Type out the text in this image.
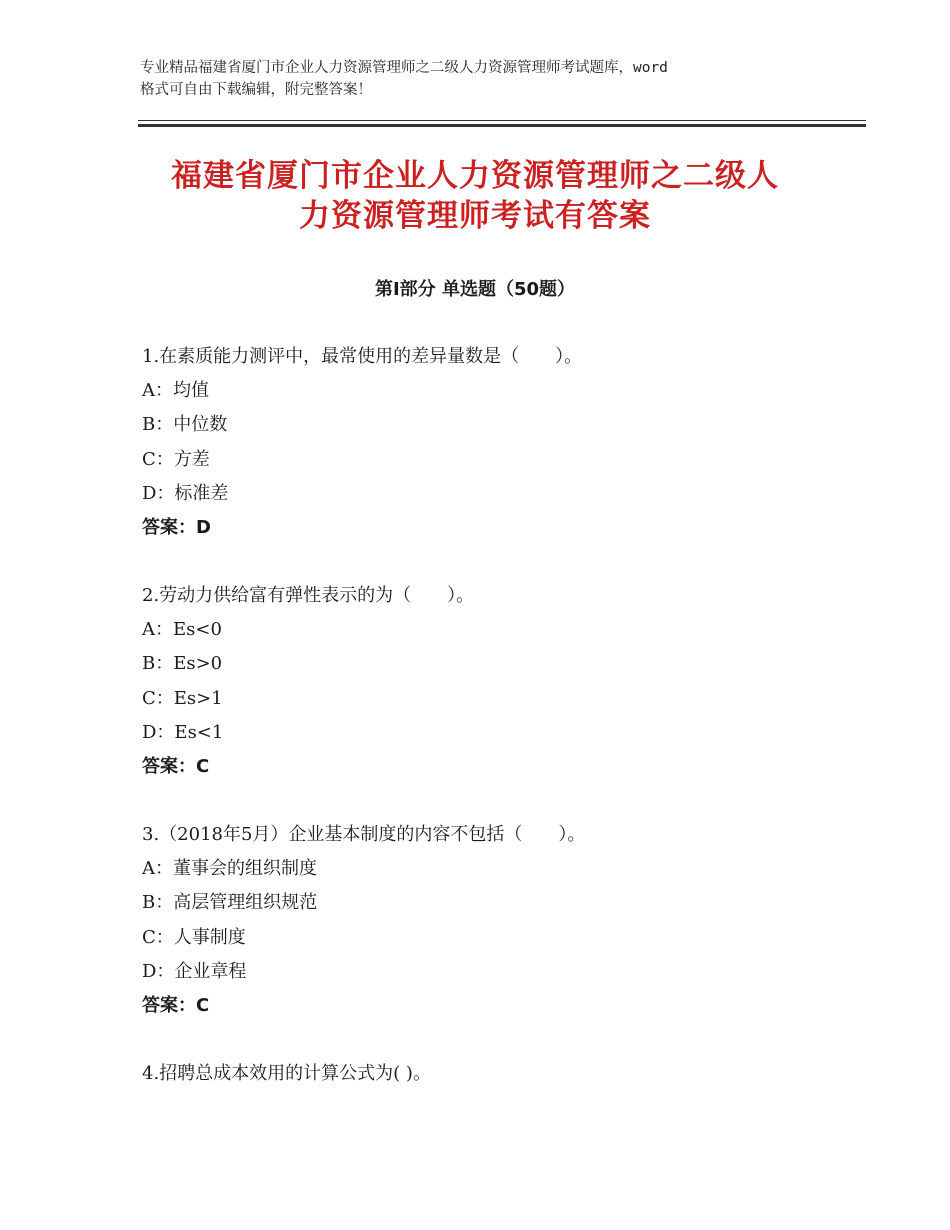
专业精品福建省厦门市企业人力资源管理师之二级人力资源管理师考试题库，word
格式可自由下载编辑，附完整答案！
福建省厦门市企业人力资源管理师之二级人
力资源管理师考试有答案
第Ⅰ部分 单选题（50题）
1.在素质能力测评中，最常使用的差异量数是（　　）。
A：均值
B：中位数
C：方差
D：标准差
答案：D
2.劳动力供给富有弹性表示的为（　　）。
A：Es<0
B：Es>0
C：Es>1
D：Es<1
答案：C
3.（2018年5月）企业基本制度的内容不包括（　　）。
A：董事会的组织制度
B：高层管理组织规范
C：人事制度
D：企业章程
答案：C
4.招聘总成本效用的计算公式为( )。
